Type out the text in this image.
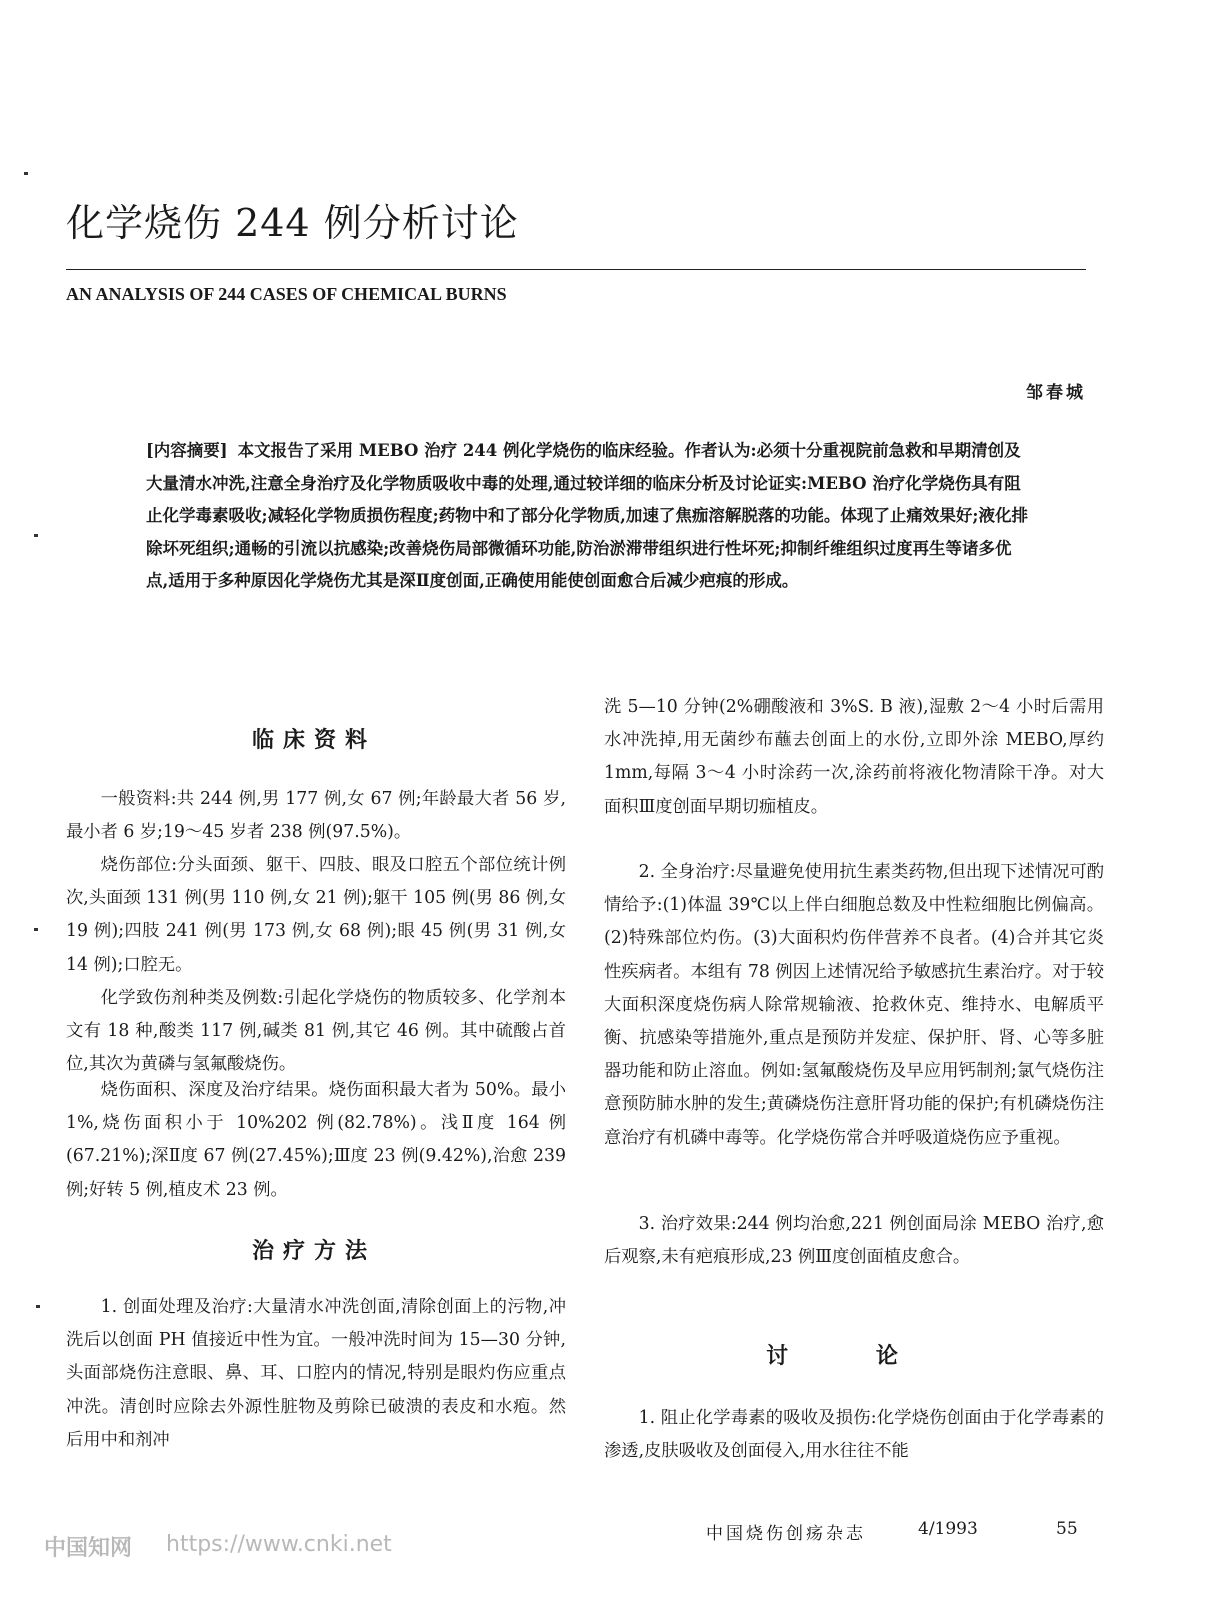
化学烧伤 244 例分析讨论
AN ANALYSIS OF 244 CASES OF CHEMICAL BURNS
邹春城
[内容摘要] 本文报告了采用 MEBO 治疗 244 例化学烧伤的临床经验。作者认为:必须十分重视院前急救和早期清创及大量清水冲洗,注意全身治疗及化学物质吸收中毒的处理,通过较详细的临床分析及讨论证实:MEBO 治疗化学烧伤具有阻止化学毒素吸收;减轻化学物质损伤程度;药物中和了部分化学物质,加速了焦痂溶解脱落的功能。体现了止痛效果好;液化排除坏死组织;通畅的引流以抗感染;改善烧伤局部微循环功能,防治淤滞带组织进行性坏死;抑制纤维组织过度再生等诸多优点,适用于多种原因化学烧伤尤其是深Ⅱ度创面,正确使用能使创面愈合后减少疤痕的形成。
临床资料

一般资料:共 244 例,男 177 例,女 67 例;年龄最大者 56 岁,最小者 6 岁;19～45 岁者 238 例(97.5%)。

烧伤部位:分头面颈、躯干、四肢、眼及口腔五个部位统计例次,头面颈 131 例(男 110 例,女 21 例);躯干 105 例(男 86 例,女 19 例);四肢 241 例(男 173 例,女 68 例);眼 45 例(男 31 例,女 14 例);口腔无。

化学致伤剂种类及例数:引起化学烧伤的物质较多、化学剂本文有 18 种,酸类 117 例,碱类 81 例,其它 46 例。其中硫酸占首位,其次为黄磷与氢氟酸烧伤。

烧伤面积、深度及治疗结果。烧伤面积最大者为 50%。最小 1%,烧伤面积小于 10%202 例(82.78%)。浅Ⅱ度 164 例(67.21%);深Ⅱ度 67 例(27.45%);Ⅲ度 23 例(9.42%),治愈 239 例;好转 5 例,植皮术 23 例。

治疗方法

1. 创面处理及治疗:大量清水冲洗创面,清除创面上的污物,冲洗后以创面 PH 值接近中性为宜。一般冲洗时间为 15—30 分钟,头面部烧伤注意眼、鼻、耳、口腔内的情况,特别是眼灼伤应重点冲洗。清创时应除去外源性脏物及剪除已破溃的表皮和水疱。然后用中和剂冲

洗 5—10 分钟(2%硼酸液和 3%S. B 液),湿敷 2～4 小时后需用水冲洗掉,用无菌纱布蘸去创面上的水份,立即外涂 MEBO,厚约 1mm,每隔 3～4 小时涂药一次,涂药前将液化物清除干净。对大面积Ⅲ度创面早期切痂植皮。

2. 全身治疗:尽量避免使用抗生素类药物,但出现下述情况可酌情给予:(1)体温 39℃以上伴白细胞总数及中性粒细胞比例偏高。(2)特殊部位灼伤。(3)大面积灼伤伴营养不良者。(4)合并其它炎性疾病者。本组有 78 例因上述情况给予敏感抗生素治疗。对于较大面积深度烧伤病人除常规输液、抢救休克、维持水、电解质平衡、抗感染等措施外,重点是预防并发症、保护肝、肾、心等多脏器功能和防止溶血。例如:氢氟酸烧伤及早应用钙制剂;氯气烧伤注意预防肺水肿的发生;黄磷烧伤注意肝肾功能的保护;有机磷烧伤注意治疗有机磷中毒等。化学烧伤常合并呼吸道烧伤应予重视。

3. 治疗效果:244 例均治愈,221 例创面局涂 MEBO 治疗,愈后观察,未有疤痕形成,23 例Ⅲ度创面植皮愈合。

讨 论

1. 阻止化学毒素的吸收及损伤:化学烧伤创面由于化学毒素的渗透,皮肤吸收及创面侵入,用水往往不能

中国知网 https://www.cnki.net	中国烧伤创疡杂志	4/1993	55
